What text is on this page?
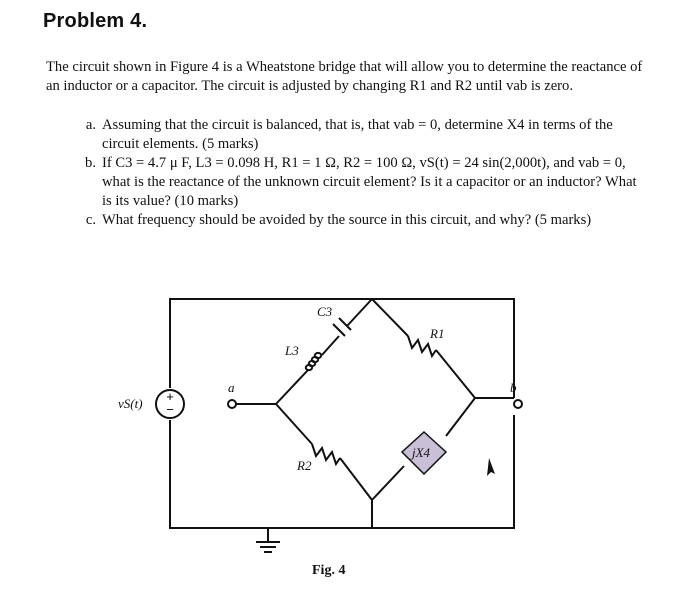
Problem 4.
The circuit shown in Figure 4 is a Wheatstone bridge that will allow you to determine the reactance of an inductor or a capacitor. The circuit is adjusted by changing R1 and R2 until vab is zero.
a. Assuming that the circuit is balanced, that is, that vab = 0, determine X4 in terms of the circuit elements. (5 marks)
b. If C3 = 4.7 μ F, L3 = 0.098 H, R1 = 1 Ω, R2 = 100 Ω, vS(t) = 24 sin(2,000t), and vab = 0, what is the reactance of the unknown circuit element? Is it a capacitor or an inductor? What is its value? (10 marks)
c. What frequency should be avoided by the source in this circuit, and why? (5 marks)
jX4
+
−
C3
L3
R1
R2
a	b
vS(t)
Fig. 4
